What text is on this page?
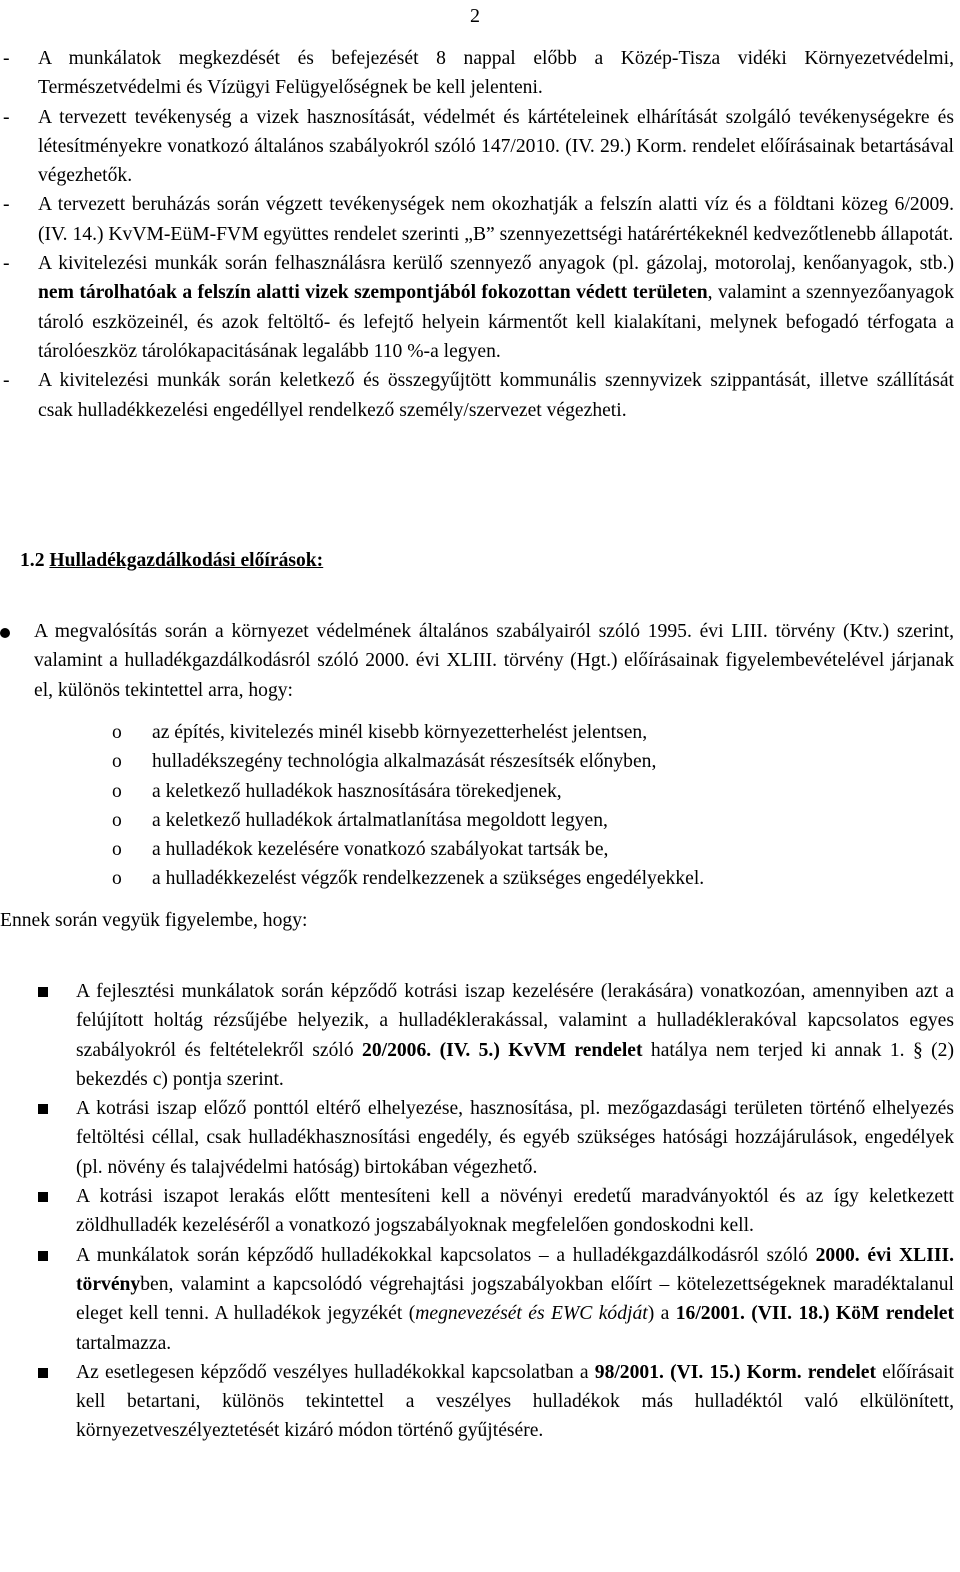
2
- A munkálatok megkezdését és befejezését 8 nappal előbb a Közép-Tisza vidéki Környezetvédelmi, Természetvédelmi és Vízügyi Felügyelőségnek be kell jelenteni.
- A tervezett tevékenység a vizek hasznosítását, védelmét és kártételeinek elhárítását szolgáló tevékenységekre és létesítményekre vonatkozó általános szabályokról szóló 147/2010. (IV. 29.) Korm. rendelet előírásainak betartásával végezhetők.
- A tervezett beruházás során végzett tevékenységek nem okozhatják a felszín alatti víz és a földtani közeg 6/2009. (IV. 14.) KvVM-EüM-FVM együttes rendelet szerinti „B” szennyezettségi határértékeknél kedvezőtlenebb állapotát.
- A kivitelezési munkák során felhasználásra kerülő szennyező anyagok (pl. gázolaj, motorolaj, kenőanyagok, stb.) nem tárolhatóak a felszín alatti vizek szempontjából fokozottan védett területen, valamint a szennyezőanyagok tároló eszközeinél, és azok feltöltő- és lefejtő helyein kármentőt kell kialakítani, melynek befogadó térfogata a tárolóeszköz tárolókapacitásának legalább 110 %-a legyen.
- A kivitelezési munkák során keletkező és összegyűjtött kommunális szennyvizek szippantását, illetve szállítását csak hulladékkezelési engedéllyel rendelkező személy/szervezet végezheti.
1.2 Hulladékgazdálkodási előírások:

A megvalósítás során a környezet védelmének általános szabályairól szóló 1995. évi LIII. törvény (Ktv.) szerint, valamint a hulladékgazdálkodásról szóló 2000. évi XLIII. törvény (Hgt.) előírásainak figyelembevételével járjanak el, különös tekintettel arra, hogy:

o az építés, kivitelezés minél kisebb környezetterhelést jelentsen,
o hulladékszegény technológia alkalmazását részesítsék előnyben,
o a keletkező hulladékok hasznosítására törekedjenek,
o a keletkező hulladékok ártalmatlanítása megoldott legyen,
o a hulladékok kezelésére vonatkozó szabályokat tartsák be,
o a hulladékkezelést végzők rendelkezzenek a szükséges engedélyekkel.
Ennek során vegyük figyelembe, hogy:
A fejlesztési munkálatok során képződő kotrási iszap kezelésére (lerakására) vonatkozóan, amennyiben azt a felújított holtág rézsűjébe helyezik, a hulladéklerakással, valamint a hulladéklerakóval kapcsolatos egyes szabályokról és feltételekről szóló 20/2006. (IV. 5.) KvVM rendelet hatálya nem terjed ki annak 1. § (2) bekezdés c) pontja szerint.
A kotrási iszap előző ponttól eltérő elhelyezése, hasznosítása, pl. mezőgazdasági területen történő elhelyezés feltöltési céllal, csak hulladékhasznosítási engedély, és egyéb szükséges hatósági hozzájárulások, engedélyek (pl. növény és talajvédelmi hatóság) birtokában végezhető.
A kotrási iszapot lerakás előtt mentesíteni kell a növényi eredetű maradványoktól és az így keletkezett zöldhulladék kezeléséről a vonatkozó jogszabályoknak megfelelően gondoskodni kell.
A munkálatok során képződő hulladékokkal kapcsolatos – a hulladékgazdálkodásról szóló 2000. évi XLIII. törvényben, valamint a kapcsolódó végrehajtási jogszabályokban előírt – kötelezettségeknek maradéktalanul eleget kell tenni. A hulladékok jegyzékét (megnevezését és EWC kódját) a 16/2001. (VII. 18.) KöM rendelet tartalmazza.
Az esetlegesen képződő veszélyes hulladékokkal kapcsolatban a 98/2001. (VI. 15.) Korm. rendelet előírásait kell betartani, különös tekintettel a veszélyes hulladékok más hulladéktól való elkülönített, környezetveszélyeztetését kizáró módon történő gyűjtésére.
